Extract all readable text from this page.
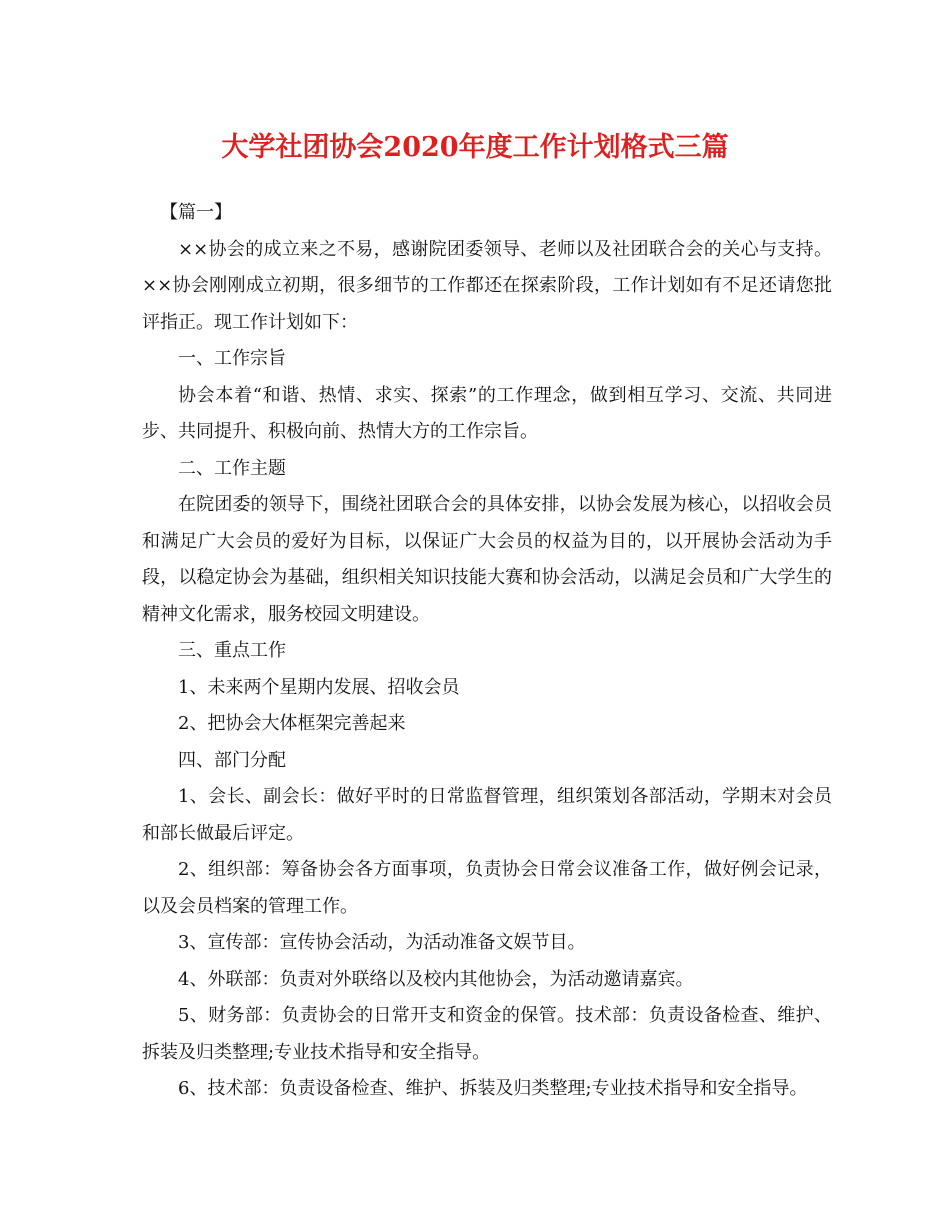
大学社团协会2020年度工作计划格式三篇

【篇一】

××协会的成立来之不易，感谢院团委领导、老师以及社团联合会的关心与支持。××协会刚刚成立初期，很多细节的工作都还在探索阶段，工作计划如有不足还请您批评指正。现工作计划如下：

一、工作宗旨

协会本着“和谐、热情、求实、探索”的工作理念，做到相互学习、交流、共同进步、共同提升、积极向前、热情大方的工作宗旨。

二、工作主题

在院团委的领导下，围绕社团联合会的具体安排，以协会发展为核心，以招收会员和满足广大会员的爱好为目标，以保证广大会员的权益为目的，以开展协会活动为手段，以稳定协会为基础，组织相关知识技能大赛和协会活动，以满足会员和广大学生的精神文化需求，服务校园文明建设。

三、重点工作

1、未来两个星期内发展、招收会员

2、把协会大体框架完善起来

四、部门分配

1、会长、副会长：做好平时的日常监督管理，组织策划各部活动，学期末对会员和部长做最后评定。

2、组织部：筹备协会各方面事项，负责协会日常会议准备工作，做好例会记录，以及会员档案的管理工作。

3、宣传部：宣传协会活动，为活动准备文娱节目。

4、外联部：负责对外联络以及校内其他协会，为活动邀请嘉宾。

5、财务部：负责协会的日常开支和资金的保管。技术部：负责设备检查、维护、拆装及归类整理;专业技术指导和安全指导。

6、技术部：负责设备检查、维护、拆装及归类整理;专业技术指导和安全指导。
